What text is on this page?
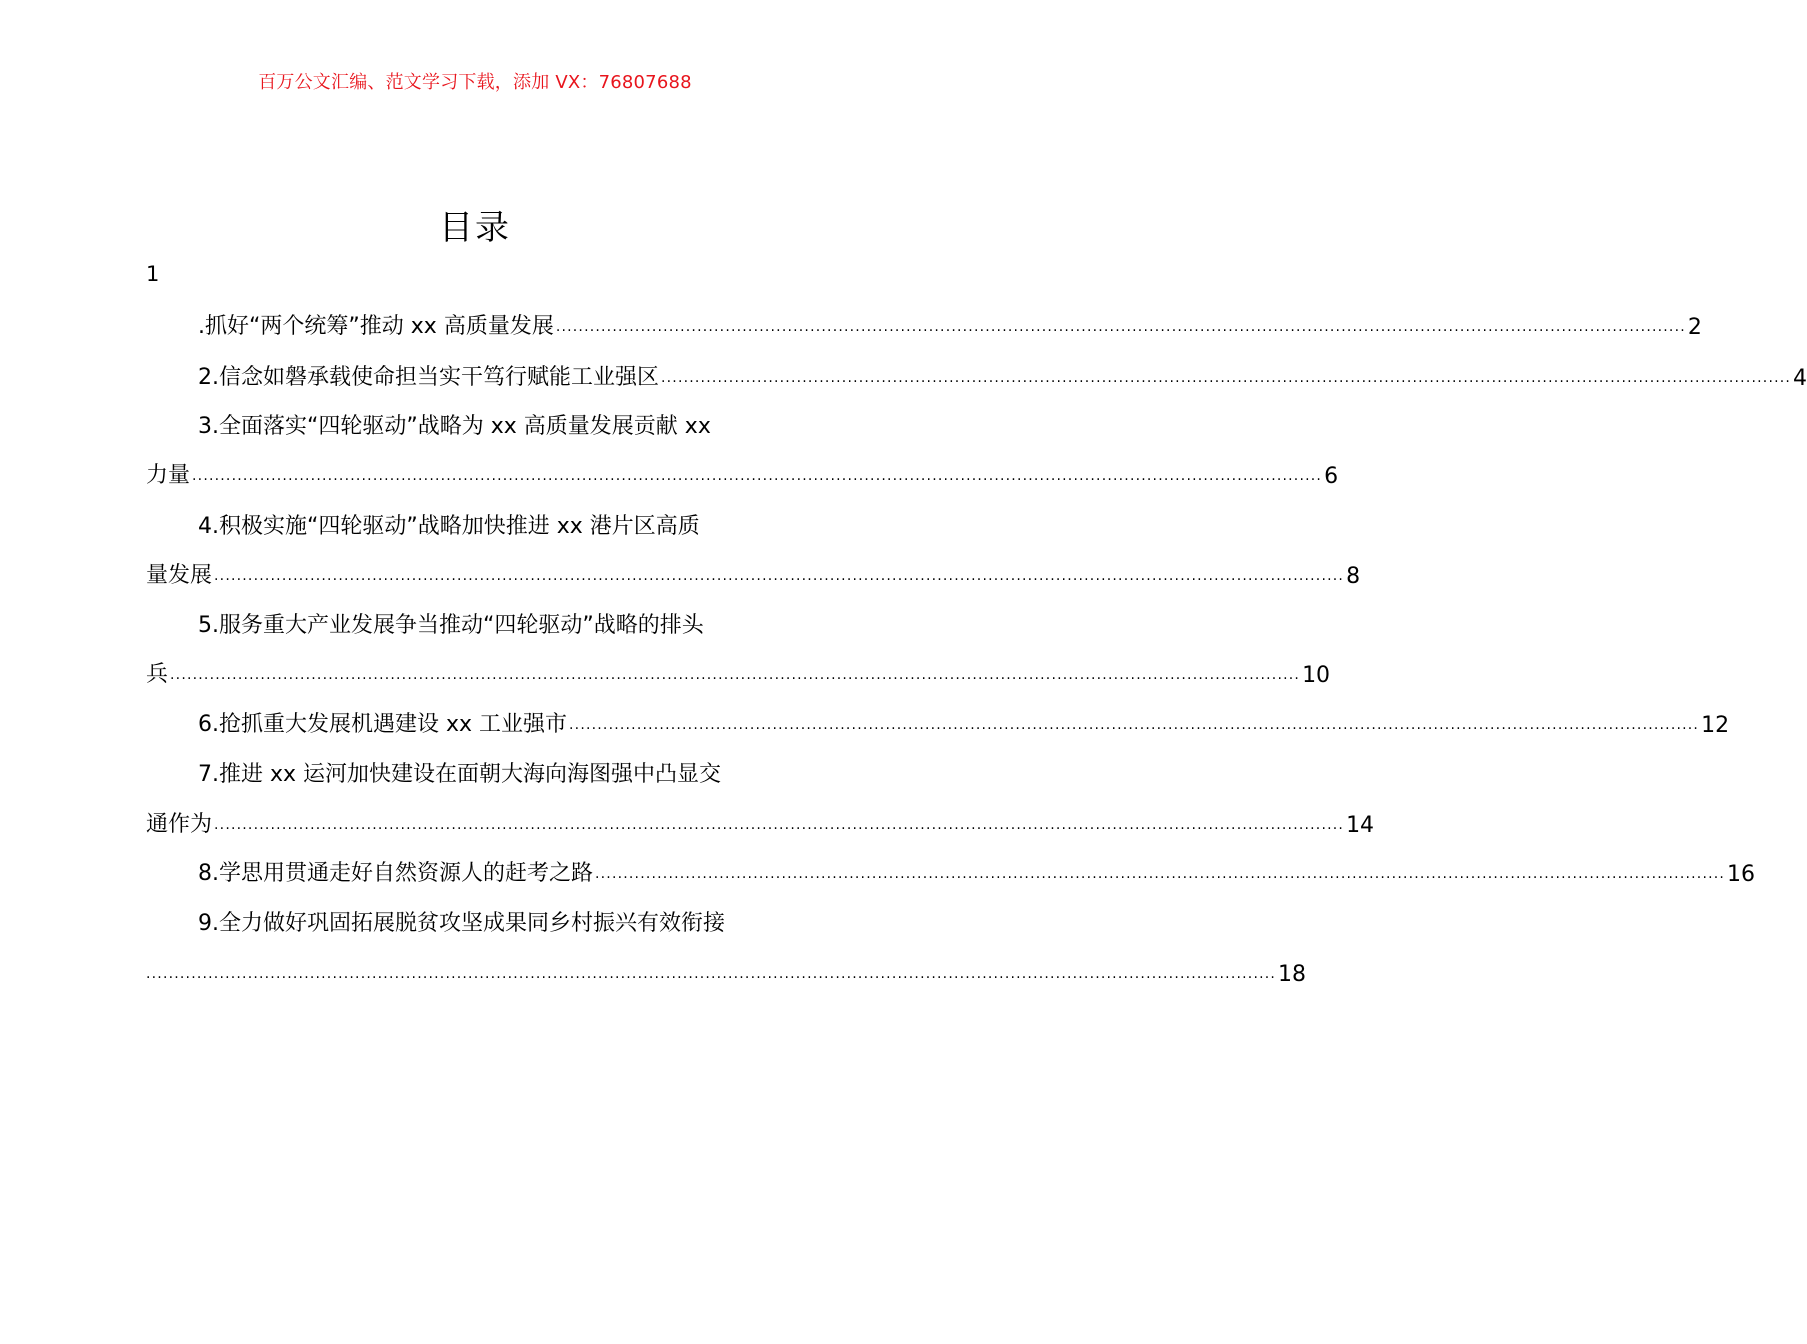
百万公文汇编、范文学习下载，添加 VX：76807688
目录
1
.抓好“两个统筹”推动 xx 高质量发展 ........................................................................................................................................................................................................ 2
2.信念如磐承载使命担当实干笃行赋能工业强区 ........................................................................................................................................................................................................ 4
3.全面落实“四轮驱动”战略为 xx 高质量发展贡献 xx
力量 ........................................................................................................................................................................................................ 6
4.积极实施“四轮驱动”战略加快推进 xx 港片区高质
量发展 ........................................................................................................................................................................................................ 8
5.服务重大产业发展争当推动“四轮驱动”战略的排头
兵 ........................................................................................................................................................................................................ 10
6.抢抓重大发展机遇建设 xx 工业强市 ........................................................................................................................................................................................................ 12
7.推进 xx 运河加快建设在面朝大海向海图强中凸显交
通作为 ........................................................................................................................................................................................................ 14
8.学思用贯通走好自然资源人的赶考之路 ........................................................................................................................................................................................................ 16
9.全力做好巩固拓展脱贫攻坚成果同乡村振兴有效衔接
........................................................................................................................................................................................................ 18
